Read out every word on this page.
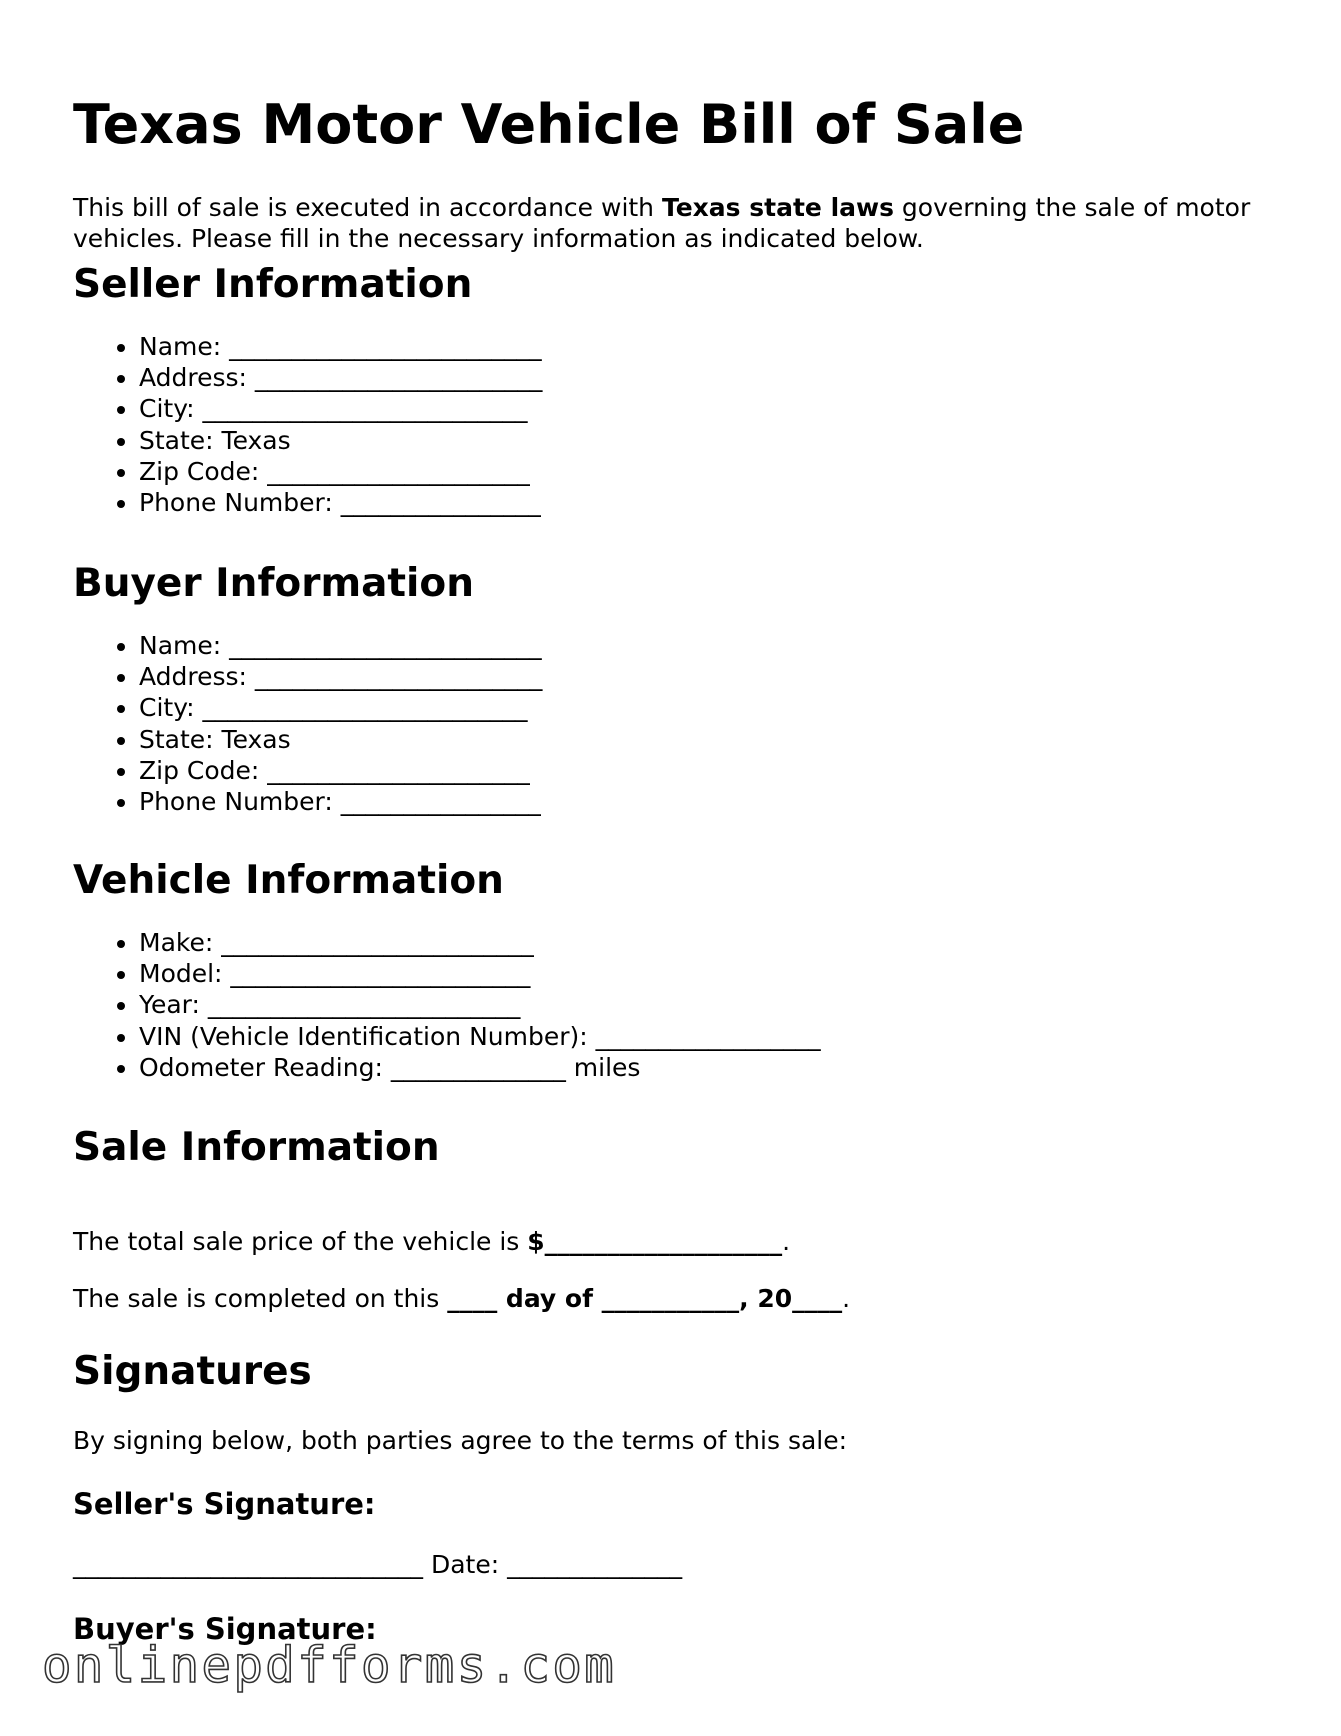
Texas Motor Vehicle Bill of Sale

This bill of sale is executed in accordance with Texas state laws governing the sale of motor vehicles. Please fill in the necessary information as indicated below.

Seller Information
• Name: _________________________
• Address: _______________________
• City: __________________________
• State: Texas
• Zip Code: _____________________
• Phone Number: ________________
Buyer Information
• Name: _________________________
• Address: _______________________
• City: __________________________
• State: Texas
• Zip Code: _____________________
• Phone Number: ________________
Vehicle Information
• Make: _________________________
• Model: ________________________
• Year: _________________________
• VIN (Vehicle Identification Number): __________________
• Odometer Reading: ______________ miles
Sale Information

The total sale price of the vehicle is $___________________.

The sale is completed on this ____ day of ___________, 20____.

Signatures

By signing below, both parties agree to the terms of this sale:

Seller's Signature:

____________________________ Date: ______________

Buyer's Signature:
onlinepdfforms.com
